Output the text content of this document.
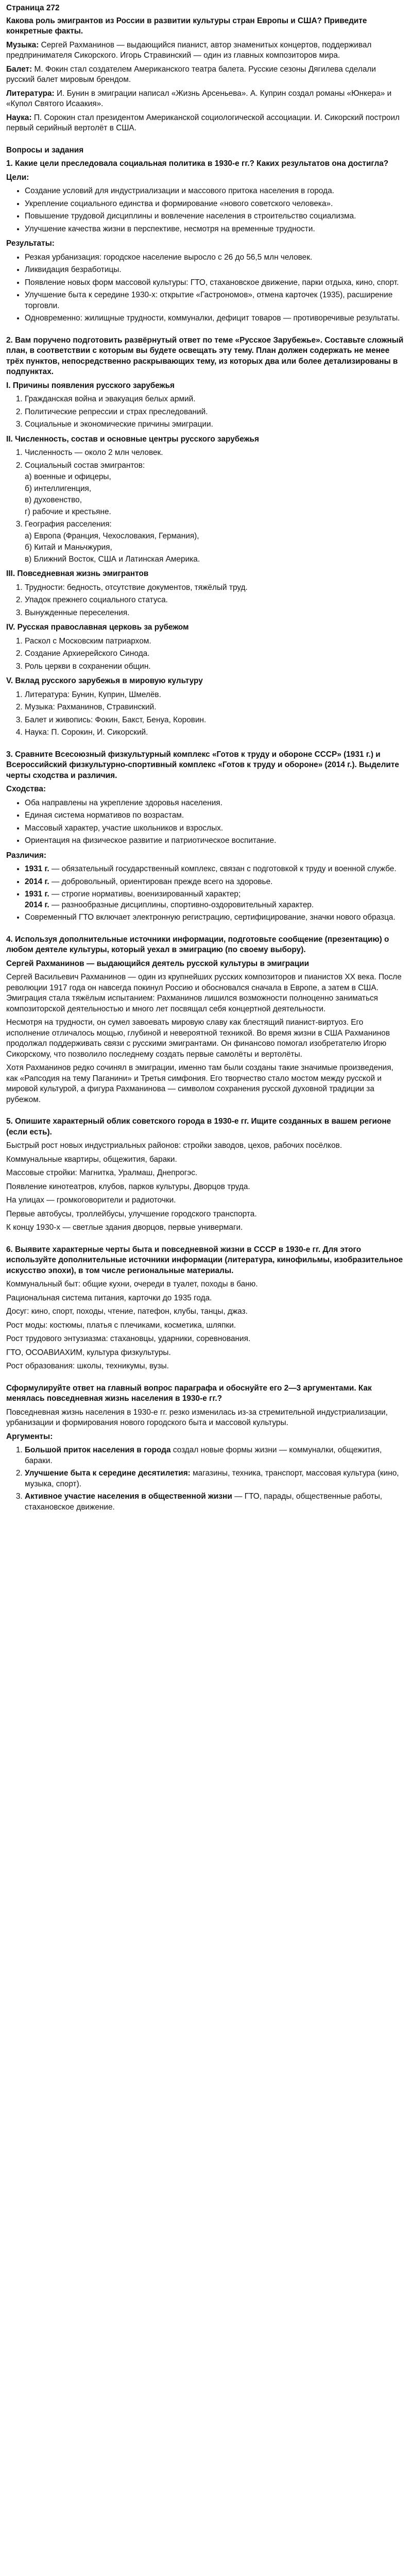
Страница 272

Какова роль эмигрантов из России в развитии культуры стран Европы и США? Приведите конкретные факты.

Музыка: Сергей Рахманинов — выдающийся пианист, автор знаменитых концертов, поддерживал предпринимателя Сикорского. Игорь Стравинский — один из главных композиторов мира.

Балет: М. Фокин стал создателем Американского театра балета. Русские сезоны Дягилева сделали русский балет мировым брендом.

Литература: И. Бунин в эмиграции написал «Жизнь Арсеньева». А. Куприн создал романы «Юнкера» и «Купол Святого Исаакия».

Наука: П. Сорокин стал президентом Американской социологической ассоциации. И. Сикорский построил первый серийный вертолёт в США.

Вопросы и задания

1. Какие цели преследовала социальная политика в 1930-е гг.? Каких результатов она достигла?

Цели:

• Создание условий для индустриализации и массового притока населения в города.
• Укрепление социального единства и формирование «нового советского человека».
• Повышение трудовой дисциплины и вовлечение населения в строительство социализма.
• Улучшение качества жизни в перспективе, несмотря на временные трудности.

Результаты:

• Резкая урбанизация: городское население выросло с 26 до 56,5 млн человек.
• Ликвидация безработицы.
• Появление новых форм массовой культуры: ГТО, стахановское движение, парки отдыха, кино, спорт.
• Улучшение быта к середине 1930-х: открытие «Гастрономов», отмена карточек (1935), расширение торговли.
• Одновременно: жилищные трудности, коммуналки, дефицит товаров — противоречивые результаты.

2. Вам поручено подготовить развёрнутый ответ по теме «Русское Зарубежье». Составьте сложный план, в соответствии с которым вы будете освещать эту тему. План должен содержать не менее трёх пунктов, непосредственно раскрывающих тему, из которых два или более детализированы в подпунктах.

I. Причины появления русского зарубежья

1. Гражданская война и эвакуация белых армий.
2. Политические репрессии и страх преследований.
3. Социальные и экономические причины эмиграции.

II. Численность, состав и основные центры русского зарубежья

1. Численность — около 2 млн человек.
2. Социальный состав эмигрантов:
а) военные и офицеры,
б) интеллигенция,
в) духовенство,
г) рабочие и крестьяне.
3. География расселения:
а) Европа (Франция, Чехословакия, Германия),
б) Китай и Маньчжурия,
в) Ближний Восток, США и Латинская Америка.

III. Повседневная жизнь эмигрантов

1. Трудности: бедность, отсутствие документов, тяжёлый труд.
2. Упадок прежнего социального статуса.
3. Вынужденные переселения.

IV. Русская православная церковь за рубежом

1. Раскол с Московским патриархом.
2. Создание Архиерейского Синода.
3. Роль церкви в сохранении общин.

V. Вклад русского зарубежья в мировую культуру

1. Литература: Бунин, Куприн, Шмелёв.
2. Музыка: Рахманинов, Стравинский.
3. Балет и живопись: Фокин, Бакст, Бенуа, Коровин.
4. Наука: П. Сорокин, И. Сикорский.

3. Сравните Всесоюзный физкультурный комплекс «Готов к труду и обороне СССР» (1931 г.) и Всероссийский физкультурно-спортивный комплекс «Готов к труду и обороне» (2014 г.). Выделите черты сходства и различия.

Сходства:

• Оба направлены на укрепление здоровья населения.
• Единая система нормативов по возрастам.
• Массовый характер, участие школьников и взрослых.
• Ориентация на физическое развитие и патриотическое воспитание.

Различия:

• 1931 г. — обязательный государственный комплекс, связан с подготовкой к труду и военной службе.
• 2014 г. — добровольный, ориентирован прежде всего на здоровье.
• 1931 г. — строгие нормативы, военизированный характер;
2014 г. — разнообразные дисциплины, спортивно-оздоровительный характер.
• Современный ГТО включает электронную регистрацию, сертифицирование, значки нового образца.

4. Используя дополнительные источники информации, подготовьте сообщение (презентацию) о любом деятеле культуры, который уехал в эмиграцию (по своему выбору).

Сергей Рахманинов — выдающийся деятель русской культуры в эмиграции

Сергей Васильевич Рахманинов — один из крупнейших русских композиторов и пианистов XX века. После революции 1917 года он навсегда покинул Россию и обосновался сначала в Европе, а затем в США. Эмиграция стала тяжёлым испытанием: Рахманинов лишился возможности полноценно заниматься композиторской деятельностью и много лет посвящал себя концертной деятельности.

Несмотря на трудности, он сумел завоевать мировую славу как блестящий пианист-виртуоз. Его исполнение отличалось мощью, глубиной и невероятной техникой. Во время жизни в США Рахманинов продолжал поддерживать связи с русскими эмигрантами. Он финансово помогал изобретателю Игорю Сикорскому, что позволило последнему создать первые самолёты и вертолёты.

Хотя Рахманинов редко сочинял в эмиграции, именно там были созданы такие значимые произведения, как «Рапсодия на тему Паганини» и Третья симфония. Его творчество стало мостом между русской и мировой культурой, а фигура Рахманинова — символом сохранения русской духовной традиции за рубежом.

5. Опишите характерный облик советского города в 1930-е гг. Ищите созданных в вашем регионе (если есть).

Быстрый рост новых индустриальных районов: стройки заводов, цехов, рабочих посёлков.

Коммунальные квартиры, общежития, бараки.

Массовые стройки: Магнитка, Уралмаш, Днепрогэс.

Появление кинотеатров, клубов, парков культуры, Дворцов труда.

На улицах — громкоговорители и радиоточки.

Первые автобусы, троллейбусы, улучшение городского транспорта.

К концу 1930-х — светлые здания дворцов, первые универмаги.

6. Выявите характерные черты быта и повседневной жизни в СССР в 1930-е гг. Для этого используйте дополнительные источники информации (литература, кинофильмы, изобразительное искусство эпохи), в том числе региональные материалы.

Коммунальный быт: общие кухни, очереди в туалет, походы в баню.

Рациональная система питания, карточки до 1935 года.

Досуг: кино, спорт, походы, чтение, патефон, клубы, танцы, джаз.

Рост моды: костюмы, платья с плечиками, косметика, шляпки.

Рост трудового энтузиазма: стахановцы, ударники, соревнования.

ГТО, ОСОАВИАХИМ, культура физкультуры.

Рост образования: школы, техникумы, вузы.

Сформулируйте ответ на главный вопрос параграфа и обоснуйте его 2—3 аргументами. Как менялась повседневная жизнь населения в 1930-е гг.?

Повседневная жизнь населения в 1930-е гг. резко изменилась из-за стремительной индустриализации, урбанизации и формирования нового городского быта и массовой культуры.

Аргументы:

1. Большой приток населения в города создал новые формы жизни — коммуналки, общежития, бараки.
2. Улучшение быта к середине десятилетия: магазины, техника, транспорт, массовая культура (кино, музыка, спорт).
3. Активное участие населения в общественной жизни — ГТО, парады, общественные работы, стахановское движение.
